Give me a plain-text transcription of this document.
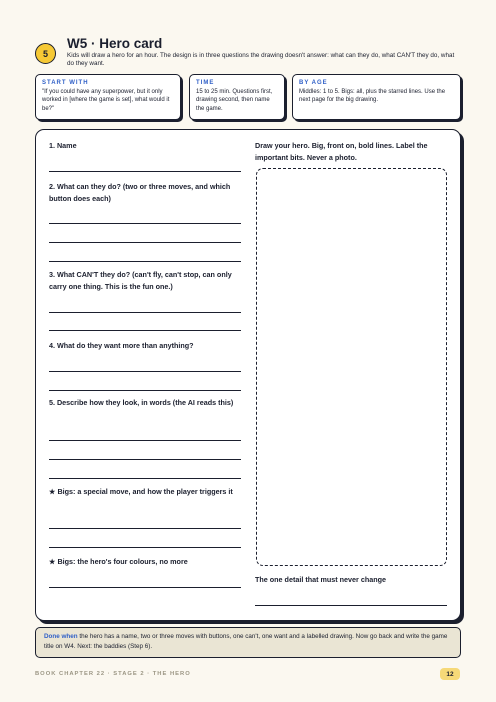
5
W5 · Hero card
Kids will draw a hero for an hour. The design is in three questions the drawing doesn't answer: what can they do, what CAN'T they do, what do they want.
START WITH

"If you could have any superpower, but it only worked in [where the game is set], what would it be?"

TIME

15 to 25 min. Questions first, drawing second, then name the game.

BY AGE

Middles: 1 to 5. Bigs: all, plus the starred lines. Use the next page for the big drawing.

1. Name
2. What can they do? (two or three moves, and which button does each)
3. What CAN'T they do? (can't fly, can't stop, can only carry one thing. This is the fun one.)
4. What do they want more than anything?
5. Describe how they look, in words (the AI reads this)
★ Bigs: a special move, and how the player triggers it
★ Bigs: the hero's four colours, no more
Draw your hero. Big, front on, bold lines. Label the important bits. Never a photo.
The one detail that must never change
Done when the hero has a name, two or three moves with buttons, one can't, one want and a labelled drawing. Now go back and write the game title on W4. Next: the baddies (Step 6).
BOOK CHAPTER 22 · STAGE 2 · THE HERO	12
